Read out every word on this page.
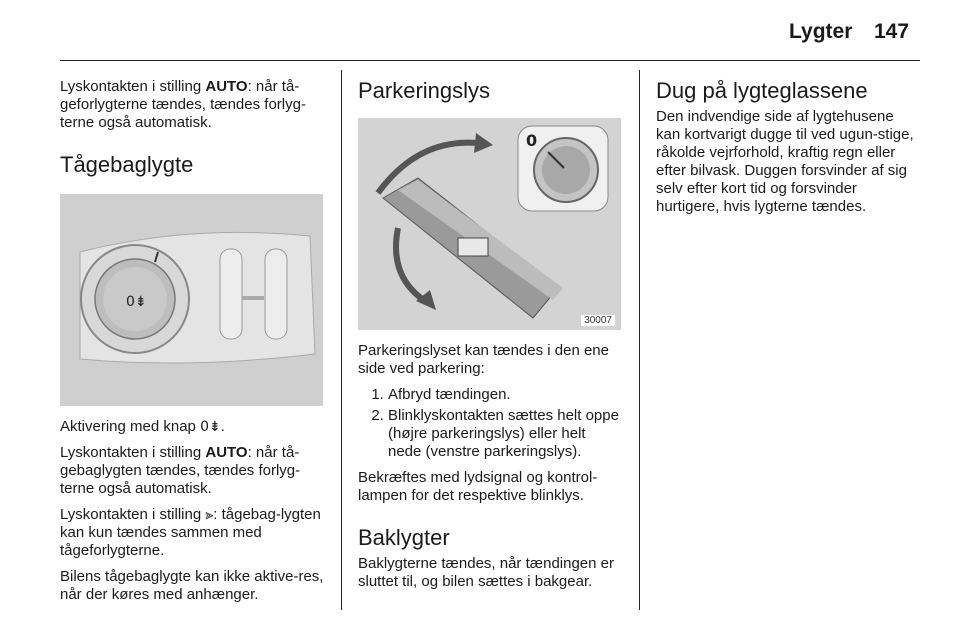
Lygter 147

Lyskontakten i stilling AUTO: når tå-geforlygterne tændes, tændes forlyg-terne også automatisk.

Tågebaglygte
0⇟

Aktivering med knap 0⇟.

Lyskontakten i stilling AUTO: når tå-gebaglygten tændes, tændes forlyg-terne også automatisk.

Lyskontakten i stilling ⫸: tågebag-lygten kan kun tændes sammen med tågeforlygterne.

Bilens tågebaglygte kan ikke aktive-res, når der køres med anhænger.

Parkeringslys
0
30007

Parkeringslyset kan tændes i den ene side ved parkering:

1. Afbryd tændingen.
2. Blinklyskontakten sættes helt oppe (højre parkeringslys) eller helt nede (venstre parkeringslys).

Bekræftes med lydsignal og kontrol-lampen for det respektive blinklys.

Baklygter

Baklygterne tændes, når tændingen er sluttet til, og bilen sættes i bakgear.

Dug på lygteglassene

Den indvendige side af lygtehusene kan kortvarigt dugge til ved ugun-stige, råkolde vejrforhold, kraftig regn eller efter bilvask. Duggen forsvinder af sig selv efter kort tid og forsvinder hurtigere, hvis lygterne tændes.
